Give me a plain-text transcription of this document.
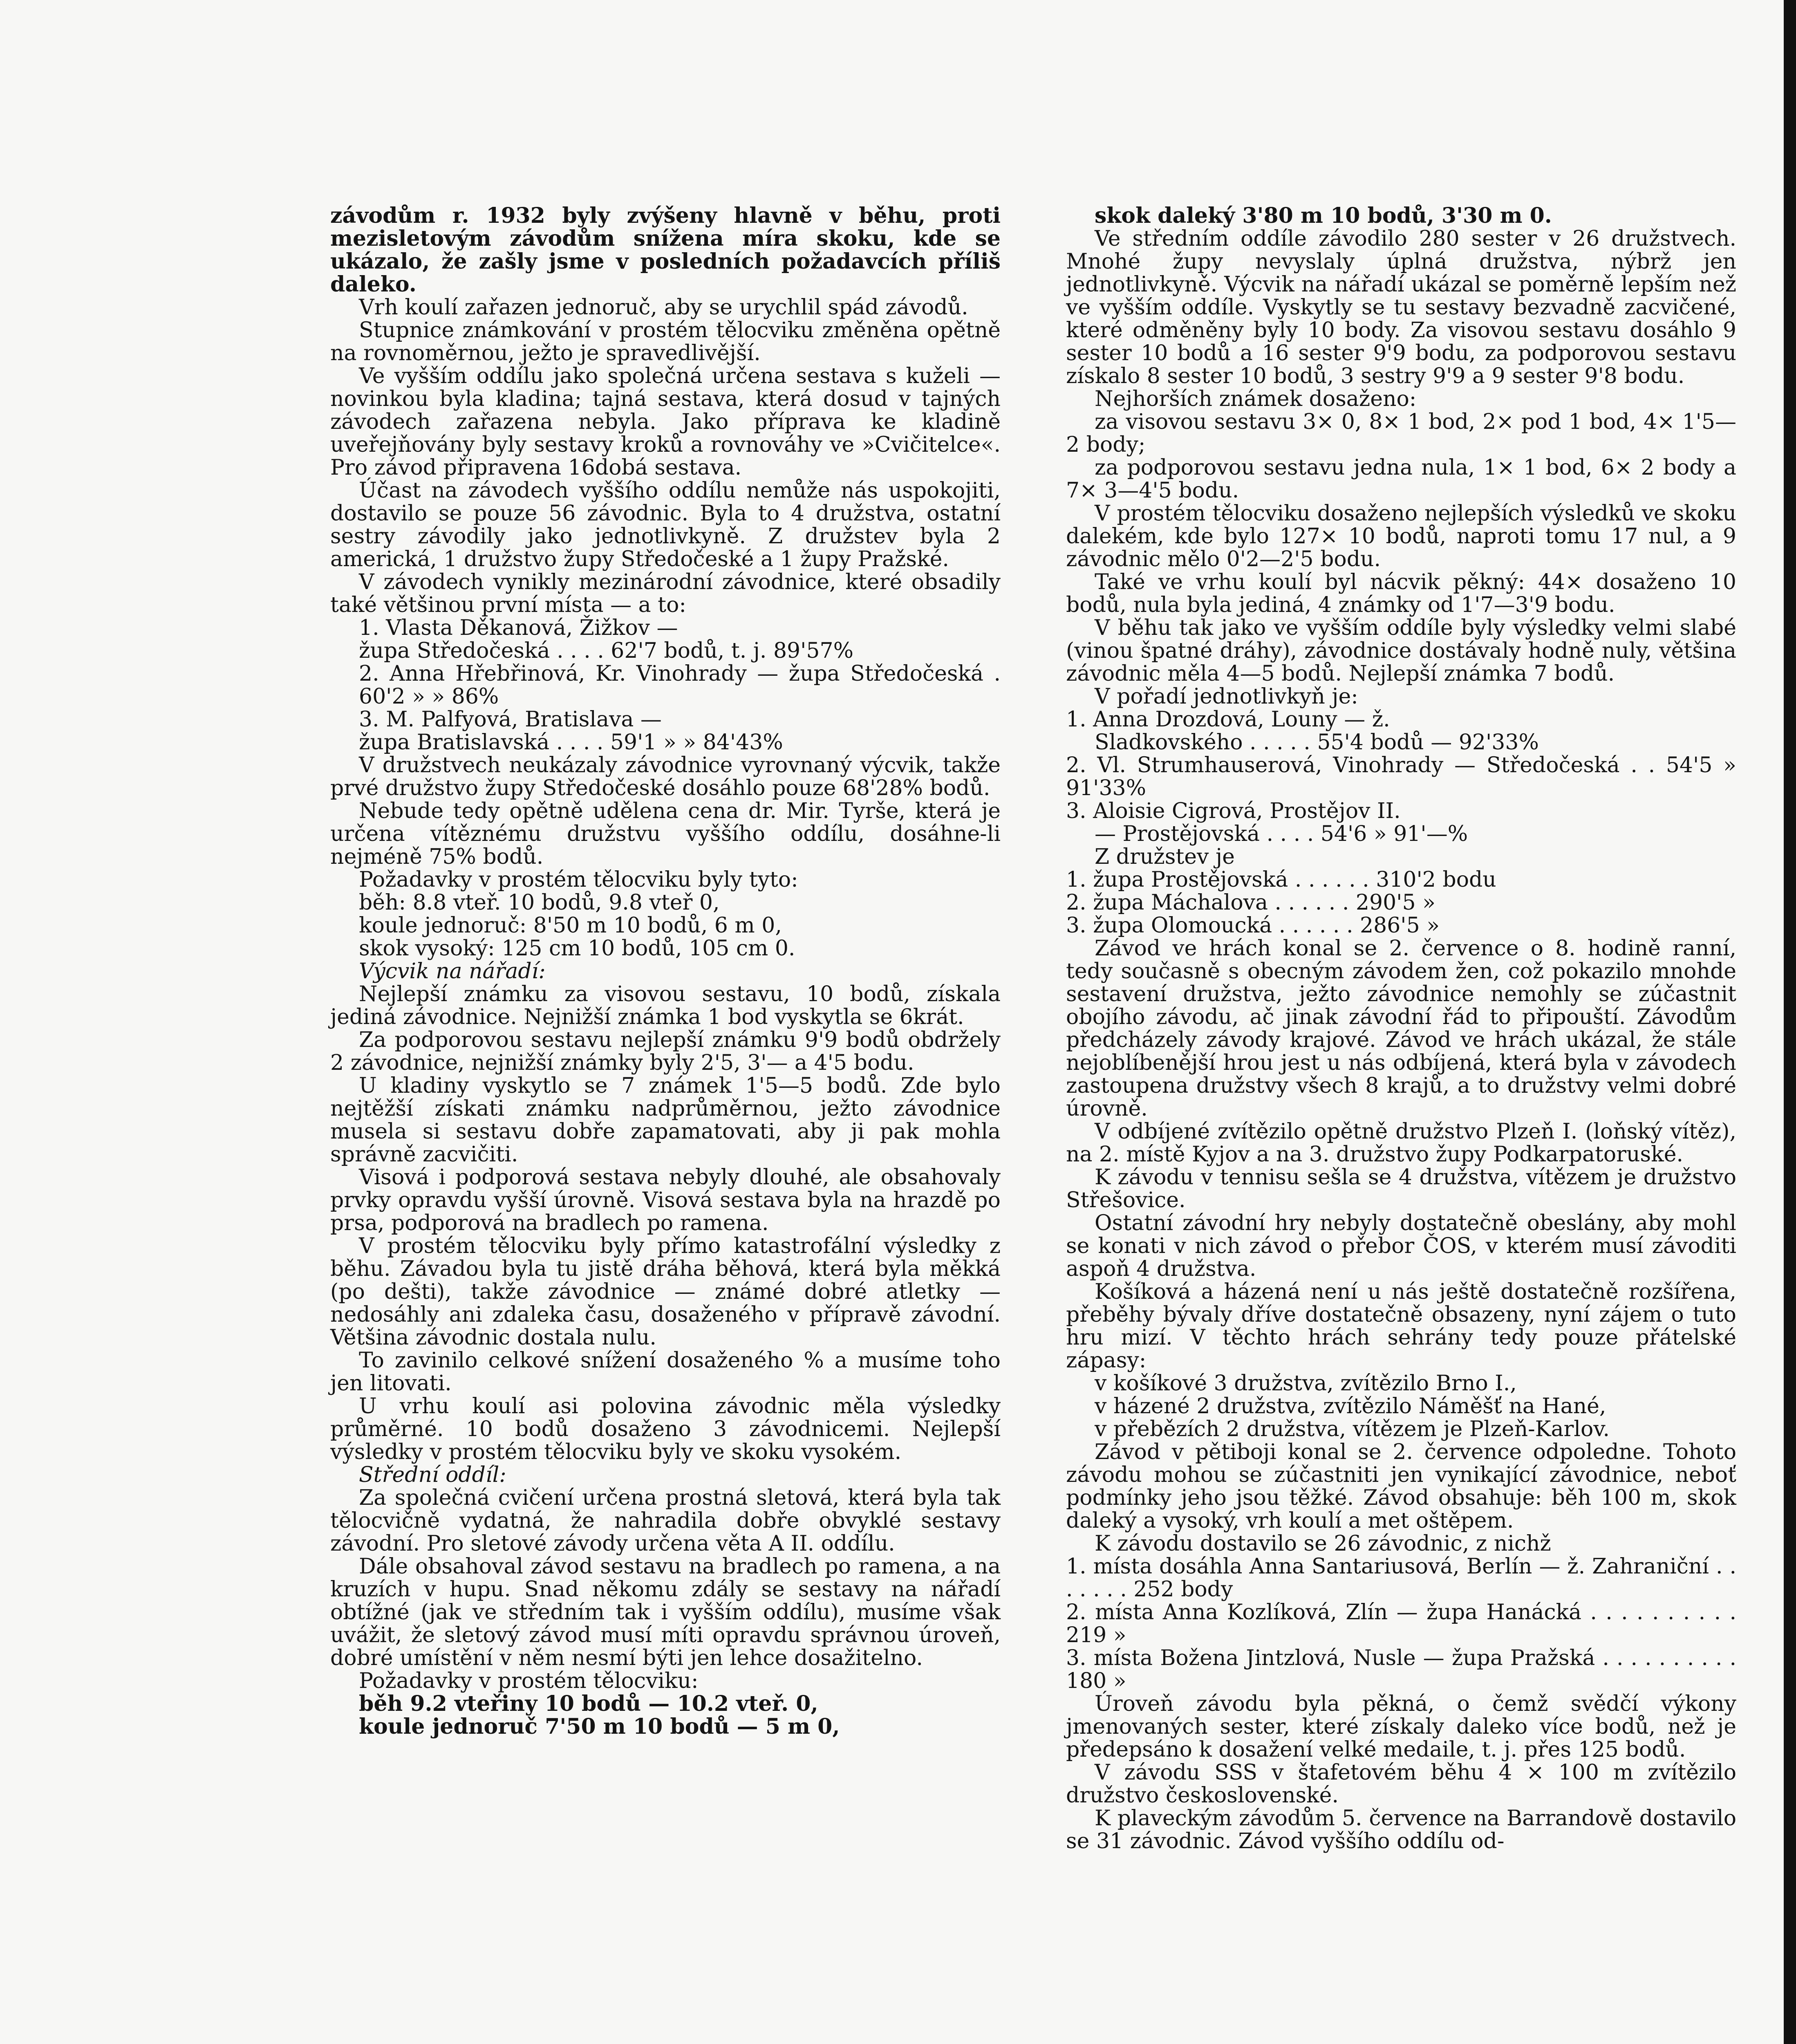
závodům r. 1932 byly zvýšeny hlavně v běhu, proti mezisletovým závodům snížena míra skoku, kde se ukázalo, že zašly jsme v posledních požadavcích příliš daleko.

Vrh koulí zařazen jednoruč, aby se urychlil spád závodů.

Stupnice známkování v prostém tělocviku změněna opětně na rovnoměrnou, ježto je spravedlivější.

Ve vyšším oddílu jako společná určena sestava s kuželi — novinkou byla kladina; tajná sestava, která dosud v tajných závodech zařazena nebyla. Jako příprava ke kladině uveřejňovány byly sestavy kroků a rovnováhy ve »Cvičitelce«. Pro závod připravena 16dobá sestava.

Účast na závodech vyššího oddílu nemůže nás uspokojiti, dostavilo se pouze 56 závodnic. Byla to 4 družstva, ostatní sestry závodily jako jednotlivkyně. Z družstev byla 2 americká, 1 družstvo župy Středočeské a 1 župy Pražské.

V závodech vynikly mezinárodní závodnice, které obsadily také většinou první místa — a to:

1. Vlasta Děkanová, Žižkov —

župa Středočeská . . . . 62'7 bodů, t. j. 89'57%

2. Anna Hřebřinová, Kr. Vinohrady — župa Středočeská . 60'2 » » 86%

3. M. Palfyová, Bratislava —

župa Bratislavská . . . . 59'1 » » 84'43%

V družstvech neukázaly závodnice vyrovnaný výcvik, takže prvé družstvo župy Středočeské dosáhlo pouze 68'28% bodů.

Nebude tedy opětně udělena cena dr. Mir. Tyrše, která je určena vítěznému družstvu vyššího oddílu, dosáhne-li nejméně 75% bodů.

Požadavky v prostém tělocviku byly tyto:

běh: 8.8 vteř. 10 bodů, 9.8 vteř 0,

koule jednoruč: 8'50 m 10 bodů, 6 m 0,

skok vysoký: 125 cm 10 bodů, 105 cm 0.

Výcvik na nářadí:

Nejlepší známku za visovou sestavu, 10 bodů, získala jediná závodnice. Nejnižší známka 1 bod vyskytla se 6krát.

Za podporovou sestavu nejlepší známku 9'9 bodů obdržely 2 závodnice, nejnižší známky byly 2'5, 3'— a 4'5 bodu.

U kladiny vyskytlo se 7 známek 1'5—5 bodů. Zde bylo nejtěžší získati známku nadprůměrnou, ježto závodnice musela si sestavu dobře zapamatovati, aby ji pak mohla správně zacvičiti.

Visová i podporová sestava nebyly dlouhé, ale obsahovaly prvky opravdu vyšší úrovně. Visová sestava byla na hrazdě po prsa, podporová na bradlech po ramena.

V prostém tělocviku byly přímo katastrofální výsledky z běhu. Závadou byla tu jistě dráha běhová, která byla měkká (po dešti), takže závodnice — známé dobré atletky — nedosáhly ani zdaleka času, dosaženého v přípravě závodní. Většina závodnic dostala nulu.

To zavinilo celkové snížení dosaženého % a musíme toho jen litovati.

U vrhu koulí asi polovina závodnic měla výsledky průměrné. 10 bodů dosaženo 3 závodnicemi. Nejlepší výsledky v prostém tělocviku byly ve skoku vysokém.

Střední oddíl:

Za společná cvičení určena prostná sletová, která byla tak tělocvičně vydatná, že nahradila dobře obvyklé sestavy závodní. Pro sletové závody určena věta A II. oddílu.

Dále obsahoval závod sestavu na bradlech po ramena, a na kruzích v hupu. Snad někomu zdály se sestavy na nářadí obtížné (jak ve středním tak i vyšším oddílu), musíme však uvážit, že sletový závod musí míti opravdu správnou úroveň, dobré umístění v něm nesmí býti jen lehce dosažitelno.

Požadavky v prostém tělocviku:

běh 9.2 vteřiny 10 bodů — 10.2 vteř. 0,

koule jednoruč 7'50 m 10 bodů — 5 m 0,

skok daleký 3'80 m 10 bodů, 3'30 m 0.

Ve středním oddíle závodilo 280 sester v 26 družstvech. Mnohé župy nevyslaly úplná družstva, nýbrž jen jednotlivkyně. Výcvik na nářadí ukázal se poměrně lepším než ve vyšším oddíle. Vyskytly se tu sestavy bezvadně zacvičené, které odměněny byly 10 body. Za visovou sestavu dosáhlo 9 sester 10 bodů a 16 sester 9'9 bodu, za podporovou sestavu získalo 8 sester 10 bodů, 3 sestry 9'9 a 9 sester 9'8 bodu.

Nejhorších známek dosaženo:

za visovou sestavu 3× 0, 8× 1 bod, 2× pod 1 bod, 4× 1'5—2 body;

za podporovou sestavu jedna nula, 1× 1 bod, 6× 2 body a 7× 3—4'5 bodu.

V prostém tělocviku dosaženo nejlepších výsledků ve skoku dalekém, kde bylo 127× 10 bodů, naproti tomu 17 nul, a 9 závodnic mělo 0'2—2'5 bodu.

Také ve vrhu koulí byl nácvik pěkný: 44× dosaženo 10 bodů, nula byla jediná, 4 známky od 1'7—3'9 bodu.

V běhu tak jako ve vyšším oddíle byly výsledky velmi slabé (vinou špatné dráhy), závodnice dostávaly hodně nuly, většina závodnic měla 4—5 bodů. Nejlepší známka 7 bodů.

V pořadí jednotlivkyň je:

1. Anna Drozdová, Louny — ž.

Sladkovského . . . . . 55'4 bodů — 92'33%

2. Vl. Strumhauserová, Vinohrady — Středočeská . . 54'5 » 91'33%

3. Aloisie Cigrová, Prostějov II.

— Prostějovská . . . . 54'6 » 91'—%

Z družstev je

1. župa Prostějovská . . . . . . 310'2 bodu

2. župa Máchalova . . . . . . 290'5 »

3. župa Olomoucká . . . . . . 286'5 »

Závod ve hrách konal se 2. července o 8. hodině ranní, tedy současně s obecným závodem žen, což pokazilo mnohde sestavení družstva, ježto závodnice nemohly se zúčastnit obojího závodu, ač jinak závodní řád to připouští. Závodům předcházely závody krajové. Závod ve hrách ukázal, že stále nejoblíbenější hrou jest u nás odbíjená, která byla v závodech zastoupena družstvy všech 8 krajů, a to družstvy velmi dobré úrovně.

V odbíjené zvítězilo opětně družstvo Plzeň I. (loňský vítěz), na 2. místě Kyjov a na 3. družstvo župy Podkarpatoruské.

K závodu v tennisu sešla se 4 družstva, vítězem je družstvo Střešovice.

Ostatní závodní hry nebyly dostatečně obeslány, aby mohl se konati v nich závod o přebor ČOS, v kterém musí závoditi aspoň 4 družstva.

Košíková a házená není u nás ještě dostatečně rozšířena, přeběhy bývaly dříve dostatečně obsazeny, nyní zájem o tuto hru mizí. V těchto hrách sehrány tedy pouze přátelské zápasy:

v košíkové 3 družstva, zvítězilo Brno I.,

v házené 2 družstva, zvítězilo Náměšť na Hané,

v přebězích 2 družstva, vítězem je Plzeň-Karlov.

Závod v pětiboji konal se 2. července odpoledne. Tohoto závodu mohou se zúčastniti jen vynikající závodnice, neboť podmínky jeho jsou těžké. Závod obsahuje: běh 100 m, skok daleký a vysoký, vrh koulí a met oštěpem.

K závodu dostavilo se 26 závodnic, z nichž

1. místa dosáhla Anna Santariusová, Berlín — ž. Zahraniční . . . . . . . 252 body

2. místa Anna Kozlíková, Zlín — župa Hanácká . . . . . . . . . . 219 »

3. místa Božena Jintzlová, Nusle — župa Pražská . . . . . . . . . . 180 »

Úroveň závodu byla pěkná, o čemž svědčí výkony jmenovaných sester, které získaly daleko více bodů, než je předepsáno k dosažení velké medaile, t. j. přes 125 bodů.

V závodu SSS v štafetovém běhu 4 × 100 m zvítězilo družstvo československé.

K plaveckým závodům 5. července na Barrandově dostavilo se 31 závodnic. Závod vyššího oddílu od-
